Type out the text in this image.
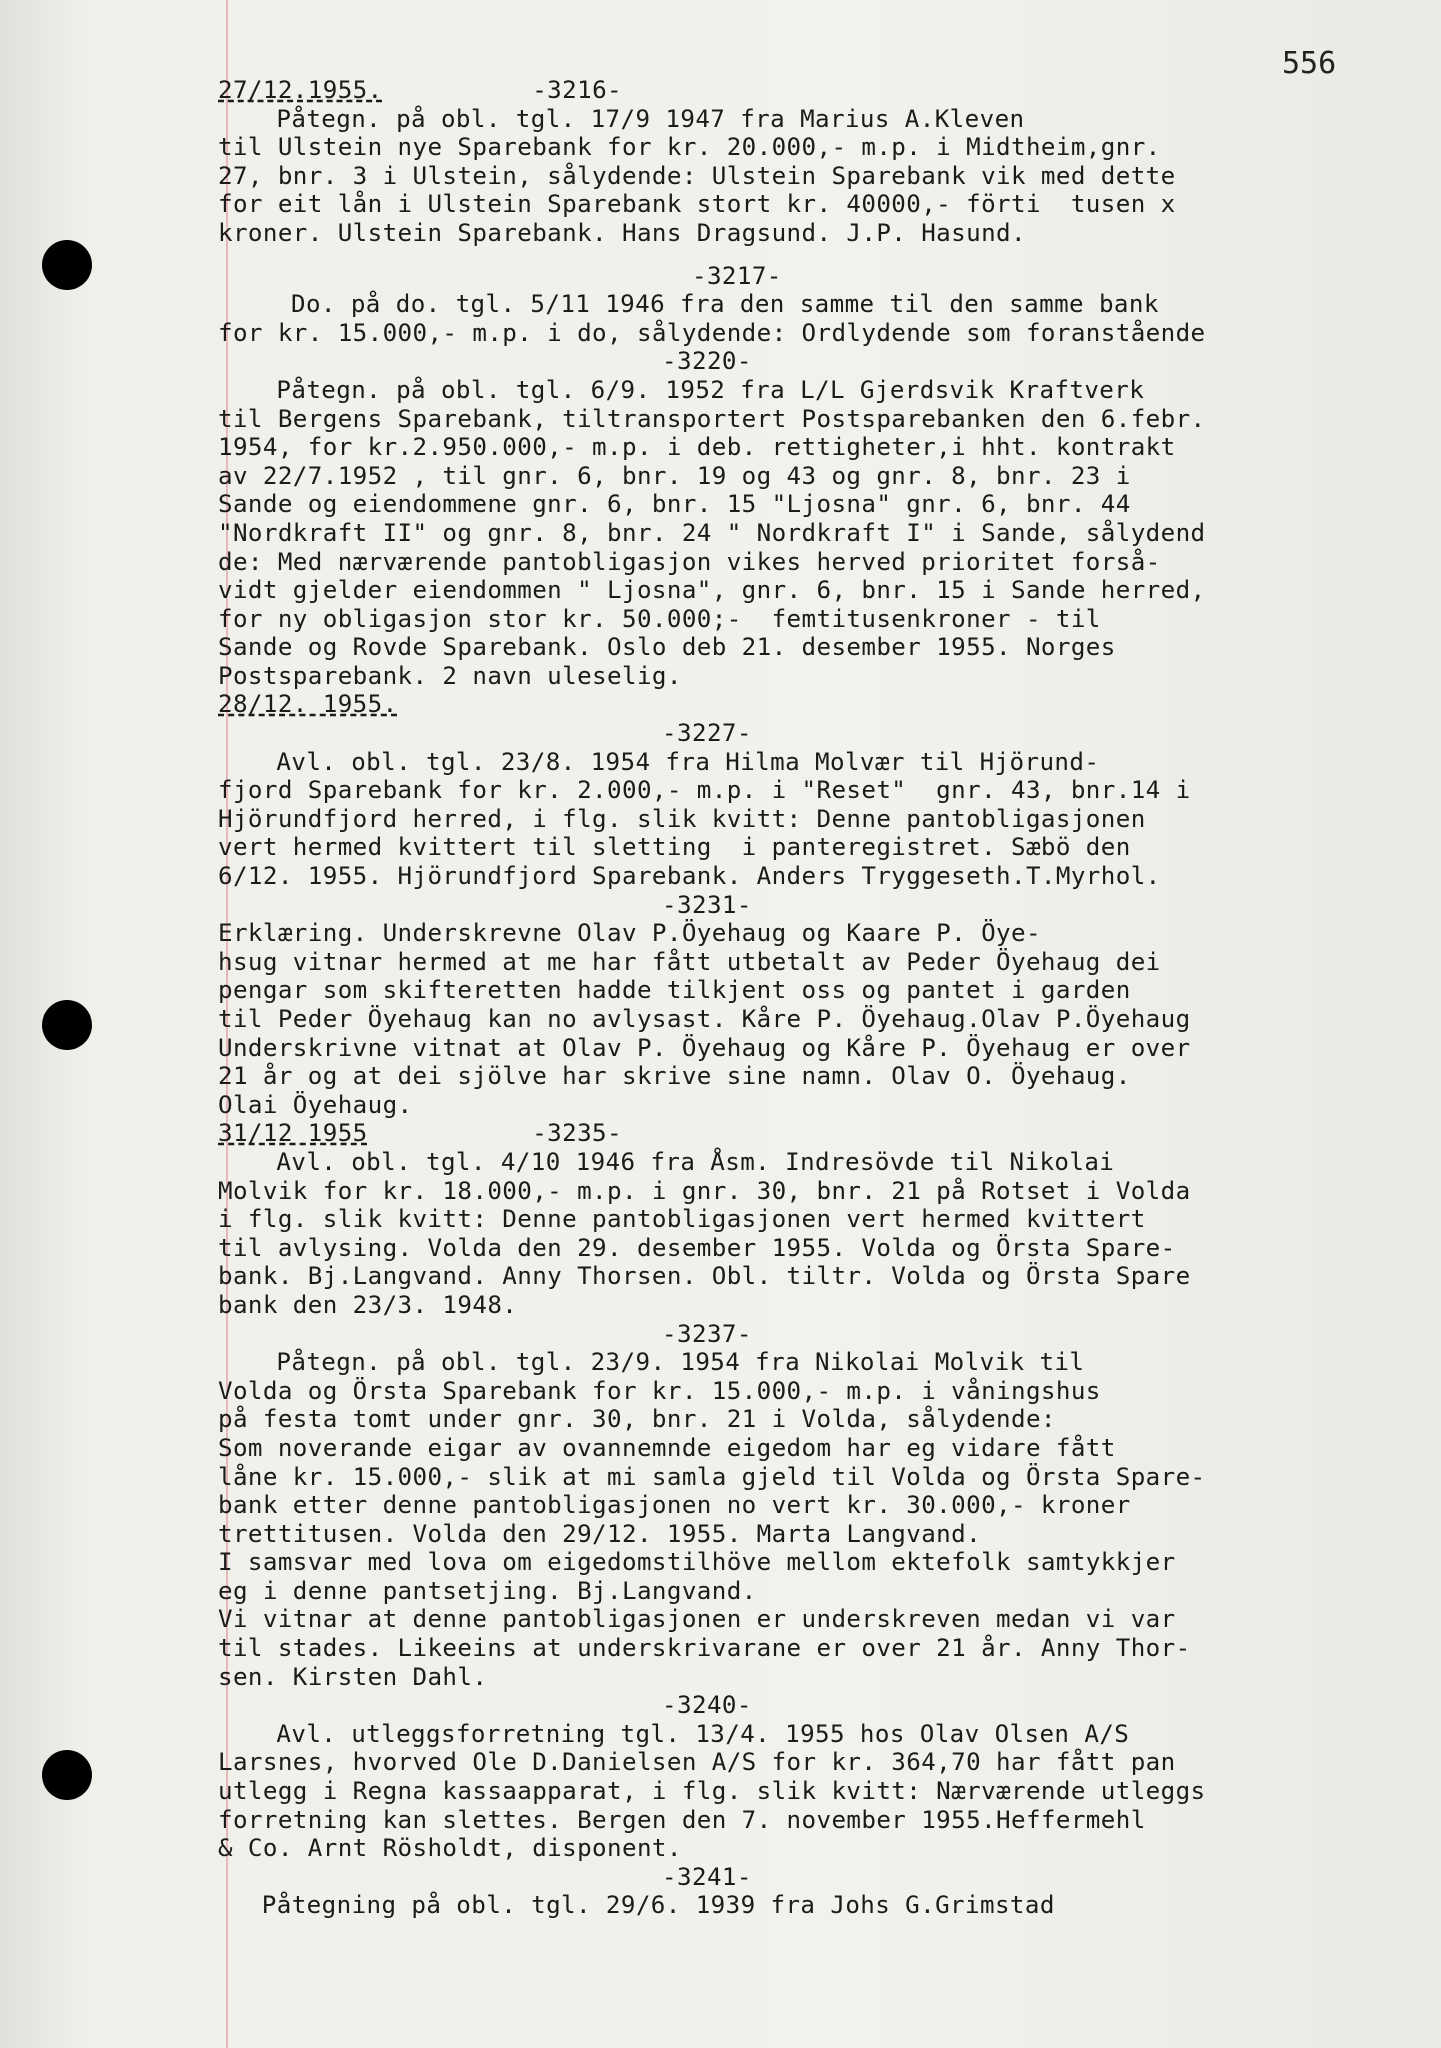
556
27/12.1955.          -3216-
Påtegn. på obl. tgl. 17/9 1947 fra Marius A.Kleven
til Ulstein nye Sparebank for kr. 20.000,- m.p. i Midtheim,gnr.
27, bnr. 3 i Ulstein, sålydende: Ulstein Sparebank vik med dette
for eit lån i Ulstein Sparebank stort kr. 40000,- förti  tusen x
kroner. Ulstein Sparebank. Hans Dragsund. J.P. Hasund.
-3217-
Do. på do. tgl. 5/11 1946 fra den samme til den samme bank
for kr. 15.000,- m.p. i do, sålydende: Ordlydende som foranstående
-3220-
Påtegn. på obl. tgl. 6/9. 1952 fra L/L Gjerdsvik Kraftverk
til Bergens Sparebank, tiltransportert Postsparebanken den 6.febr.
1954, for kr.2.950.000,- m.p. i deb. rettigheter,i hht. kontrakt
av 22/7.1952 , til gnr. 6, bnr. 19 og 43 og gnr. 8, bnr. 23 i
Sande og eiendommene gnr. 6, bnr. 15 "Ljosna" gnr. 6, bnr. 44
"Nordkraft II" og gnr. 8, bnr. 24 " Nordkraft I" i Sande, sålydend
de: Med nærværende pantobligasjon vikes herved prioritet forså-
vidt gjelder eiendommen " Ljosna", gnr. 6, bnr. 15 i Sande herred,
for ny obligasjon stor kr. 50.000;-  femtitusenkroner - til
Sande og Rovde Sparebank. Oslo deb 21. desember 1955. Norges
Postsparebank. 2 navn uleselig.
28/12. 1955.
-3227-
Avl. obl. tgl. 23/8. 1954 fra Hilma Molvær til Hjörund-
fjord Sparebank for kr. 2.000,- m.p. i "Reset"  gnr. 43, bnr.14 i
Hjörundfjord herred, i flg. slik kvitt: Denne pantobligasjonen
vert hermed kvittert til sletting  i panteregistret. Sæbö den
6/12. 1955. Hjörundfjord Sparebank. Anders Tryggeseth.T.Myrhol.
-3231-
Erklæring. Underskrevne Olav P.Öyehaug og Kaare P. Öye-
hsug vitnar hermed at me har fått utbetalt av Peder Öyehaug dei
pengar som skifteretten hadde tilkjent oss og pantet i garden
til Peder Öyehaug kan no avlysast. Kåre P. Öyehaug.Olav P.Öyehaug
Underskrivne vitnat at Olav P. Öyehaug og Kåre P. Öyehaug er over
21 år og at dei sjölve har skrive sine namn. Olav O. Öyehaug.
Olai Öyehaug.
31/12 1955           -3235-
Avl. obl. tgl. 4/10 1946 fra Åsm. Indresövde til Nikolai
Molvik for kr. 18.000,- m.p. i gnr. 30, bnr. 21 på Rotset i Volda
i flg. slik kvitt: Denne pantobligasjonen vert hermed kvittert
til avlysing. Volda den 29. desember 1955. Volda og Örsta Spare-
bank. Bj.Langvand. Anny Thorsen. Obl. tiltr. Volda og Örsta Spare
bank den 23/3. 1948.
-3237-
Påtegn. på obl. tgl. 23/9. 1954 fra Nikolai Molvik til
Volda og Örsta Sparebank for kr. 15.000,- m.p. i våningshus
på festa tomt under gnr. 30, bnr. 21 i Volda, sålydende:
Som noverande eigar av ovannemnde eigedom har eg vidare fått
låne kr. 15.000,- slik at mi samla gjeld til Volda og Örsta Spare-
bank etter denne pantobligasjonen no vert kr. 30.000,- kroner
trettitusen. Volda den 29/12. 1955. Marta Langvand.
I samsvar med lova om eigedomstilhöve mellom ektefolk samtykkjer
eg i denne pantsetjing. Bj.Langvand.
Vi vitnar at denne pantobligasjonen er underskreven medan vi var
til stades. Likeeins at underskrivarane er over 21 år. Anny Thor-
sen. Kirsten Dahl.
-3240-
Avl. utleggsforretning tgl. 13/4. 1955 hos Olav Olsen A/S
Larsnes, hvorved Ole D.Danielsen A/S for kr. 364,70 har fått pan
utlegg i Regna kassaapparat, i flg. slik kvitt: Nærværende utleggs
forretning kan slettes. Bergen den 7. november 1955.Heffermehl
& Co. Arnt Rösholdt, disponent.
-3241-
Påtegning på obl. tgl. 29/6. 1939 fra Johs G.Grimstad
